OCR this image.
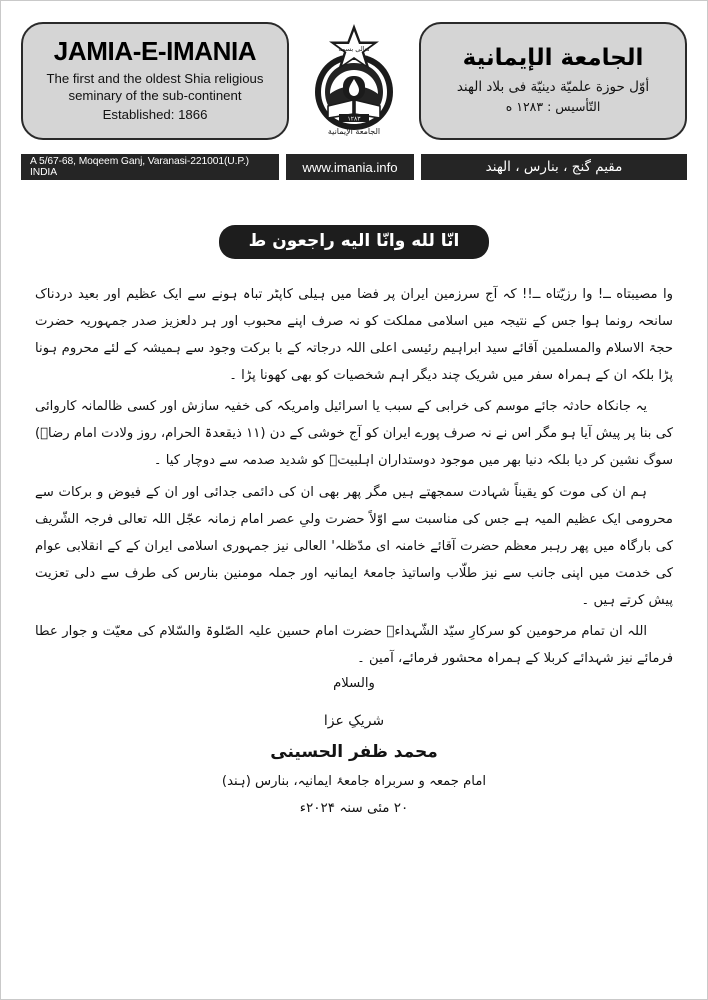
JAMIA-E-IMANIA
The first and the oldest Shia religious
seminary of the sub-continent
Established: 1866
تعالى بسمه
١٢٨٣
الجامعة الإيمانية
الجامعة الإيمانية
أوّل حوزة علميّة دينيّة فى بلاد الهند
التّأسيس : ١٢٨٣ ه
A 5/67-68, Moqeem Ganj, Varanasi-221001(U.P.) INDIA	www.imania.info	مقیم گنج ، بنارس ، الهند
انّا لله وانّا اليه راجعون ط

وا مصیبتاه ــ! وا رزیّتاه ــ!! کہ آج سرزمین ایران پر فضا میں ہیلی کاپٹر تباہ ہونے سے ایک عظیم اور بعید دردناک سانحہ رونما ہوا جس کے نتیجہ میں اسلامی مملکت کو نہ صرف اپنے محبوب اور ہر دلعزیز صدر جمہوریہ حضرت حجۃ الاسلام والمسلمین آقائے سید ابراہیم رئیسی اعلی اللہ درجاتہ کے با برکت وجود سے ہمیشہ کے لئے محروم ہونا پڑا بلکہ ان کے ہمراہ سفر میں شریک چند دیگر اہم شخصیات کو بھی کھونا پڑا ۔

یہ جانکاہ حادثہ جائے موسم کی خرابی کے سبب یا اسرائیل وامریکہ کی خفیہ سازش اور کسی ظالمانہ کاروائی کی بنا پر پیش آیا ہو مگر اس نے نہ صرف پورے ایران کو آج خوشی کے دن (۱۱ ذیقعدۃ الحرام، روز ولادت امام رضاؑ) سوگ نشین کر دیا بلکہ دنیا بھر میں موجود دوستداران اہلبیتؑ کو شدید صدمہ سے دوچار کیا ۔

ہم ان کی موت کو یقیناً شہادت سمجھتے ہیں مگر پھر بھی ان کی دائمی جدائی اور ان کے فیوض و برکات سے محرومی ایک عظیم المیہ ہے جس کی مناسبت سے اوّلاً حضرت ولیِ عصر امام زمانہ عجّل اللہ تعالى فرجہ الشّریف کی بارگاہ میں پھر رہبر معظم حضرت آقائے خامنہ ای مدّظلہ' العالی نیز جمہوری اسلامی ایران کے کے انقلابی عوام کی خدمت میں اپنی جانب سے نیز طلّاب واساتیذ جامعۂ ایمانیہ اور جملہ مومنین بنارس کی طرف سے دلی تعزیت پیش کرتے ہیں ۔

اللہ ان تمام مرحومین کو سرکارِ سیّد الشّہداءؑ حضرت امام حسین علیہ الصّلوۃ والسّلام کی معیّت و جوار عطا فرمائے نیز شہدائے کربلا کے ہمراہ محشور فرمائے، آمین ۔

والسلام
شریکِ عزا
محمد ظفر الحسینی
امام جمعہ و سربراہ جامعۂ ایمانیہ، بنارس (ہند)
۲۰ مئی سنہ ۲۰۲۴ء
